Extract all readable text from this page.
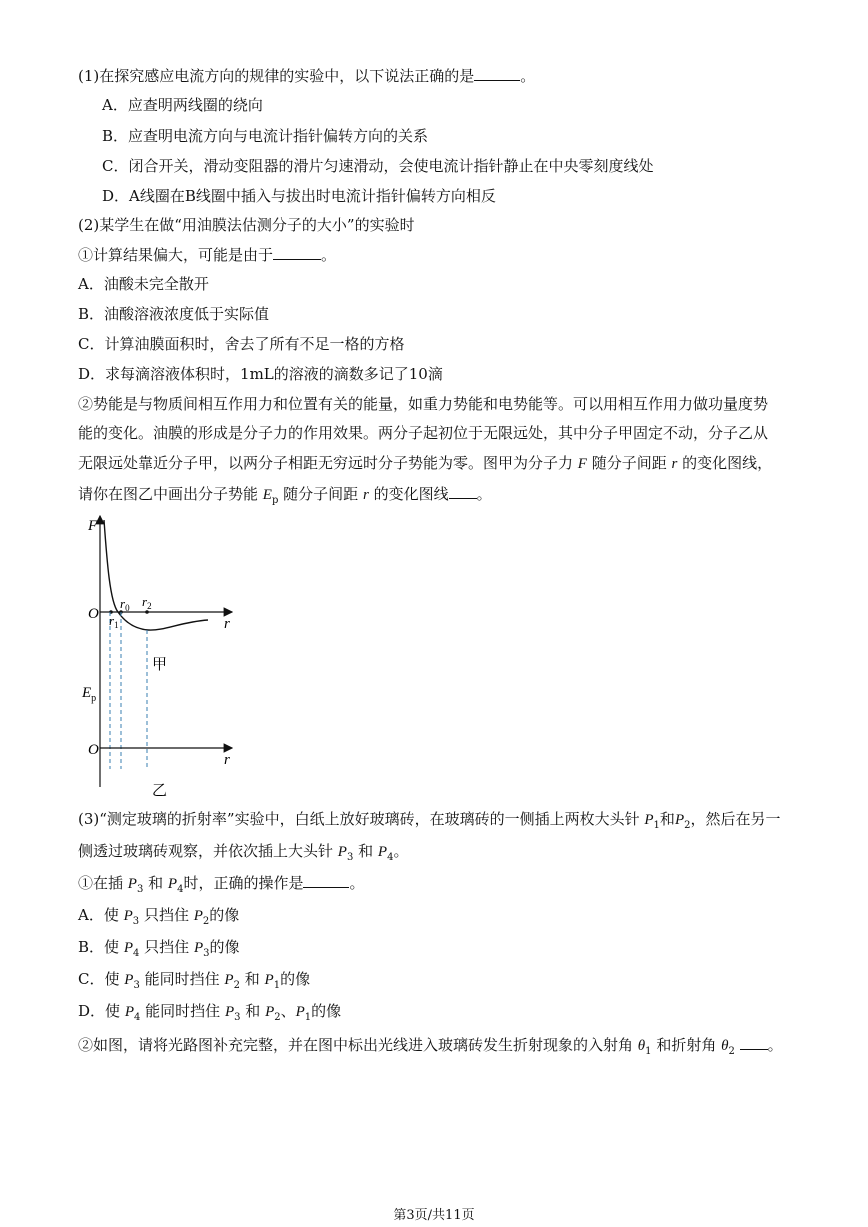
(1)在探究感应电流方向的规律的实验中，以下说法正确的是	。
A．应查明两线圈的绕向
B．应查明电流方向与电流计指针偏转方向的关系
C．闭合开关，滑动变阻器的滑片匀速滑动，会使电流计指针静止在中央零刻度线处
D．A线圈在B线圈中插入与拔出时电流计指针偏转方向相反
(2)某学生在做“用油膜法估测分子的大小”的实验时
①计算结果偏大，可能是由于	。
A．油酸未完全散开
B．油酸溶液浓度低于实际值
C．计算油膜面积时，舍去了所有不足一格的方格
D．求每滴溶液体积时，1mL的溶液的滴数多记了10滴
②势能是与物质间相互作用力和位置有关的能量，如重力势能和电势能等。可以用相互作用力做功量度势
能的变化。油膜的形成是分子力的作用效果。两分子起初位于无限远处，其中分子甲固定不动，分子乙从
无限远处靠近分子甲，以两分子相距无穷远时分子势能为零。图甲为分子力 F 随分子间距 r 的变化图线，
请你在图乙中画出分子势能 $E_p$ 随分子间距 r 的变化图线 。
F
O
r
$r_0$
$r_1$
$r_2$
甲
$E_p$
O
r
乙
(3)“测定玻璃的折射率”实验中，白纸上放好玻璃砖，在玻璃砖的一侧插上两枚大头针 $P_1$和$P_2$，然后在另一
侧透过玻璃砖观察，并依次插上大头针 $P_3$ 和 $P_4$。
①在插 $P_3$ 和 $P_4$时，正确的操作是	。
A．使 $P_3$ 只挡住 $P_2$的像
B．使 $P_4$ 只挡住 $P_3$的像
C．使 $P_3$ 能同时挡住 $P_2$ 和 $P_1$的像
D．使 $P_4$ 能同时挡住 $P_3$ 和 $P_2$、$P_1$的像
②如图，请将光路图补充完整，并在图中标出光线进入玻璃砖发生折射现象的入射角 $\theta_1$ 和折射角 $\theta_2$ 。
第3页/共11页
